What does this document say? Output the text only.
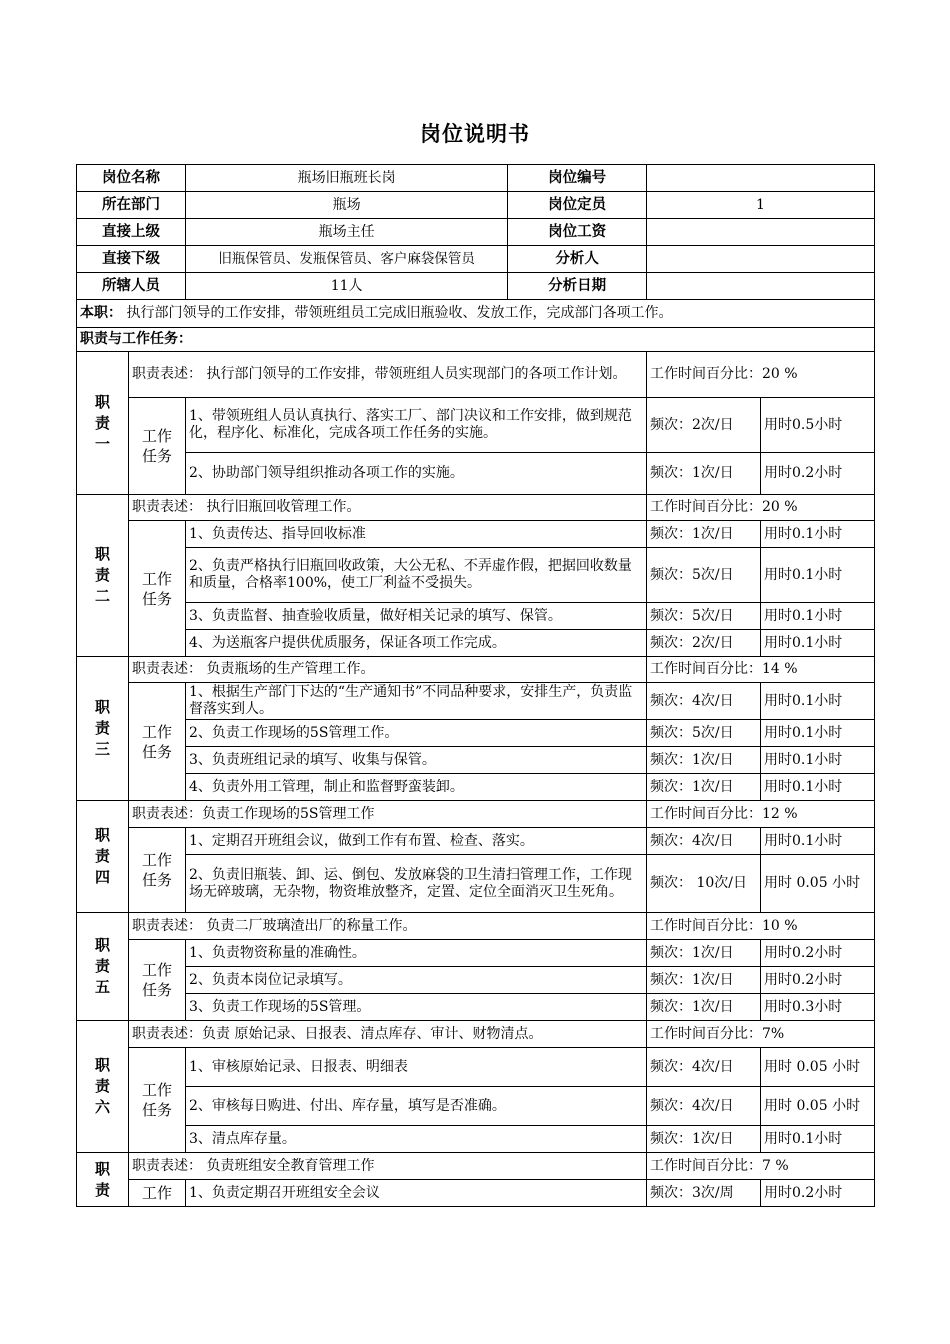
岗位说明书
岗位名称		瓶场旧瓶班长岗 岗位编号		

所在部门		瓶场 岗位定员	1	
直接上级		瓶场主任 岗位工资		

直接下级		旧瓶保管员、发瓶保管员、客户麻袋保管员 分析人		

所辖人员		11人 分析日期		

本职： 执行部门领导的工作安排，带领班组员工完成旧瓶验收、发放工作，完成部门各项工作。				
职责与工作任务：				
职责一	职责表述： 执行部门领导的工作安排，带领班组人员实现部门的各项工作计划。		工作时间百分比：20 %	
	工作任务	1、带领班组人员认真执行、落实工厂、部门决议和工作安排，做到规范化，程序化、标准化，完成各项工作任务的实施。	频次：2次/日	用时0.5小时
		2、协助部门领导组织推动各项工作的实施。	频次：1次/日	用时0.2小时
职责二	职责表述： 执行旧瓶回收管理工作。		工作时间百分比：20 %	
	工作任务	1、负责传达、指导回收标准	频次：1次/日	用时0.1小时
		2、负责严格执行旧瓶回收政策，大公无私、不弄虚作假，把据回收数量和质量，合格率100%，使工厂利益不受损失。	频次：5次/日	用时0.1小时
		3、负责监督、抽查验收质量，做好相关记录的填写、保管。	频次：5次/日	用时0.1小时
		4、为送瓶客户提供优质服务，保证各项工作完成。	频次：2次/日	用时0.1小时
职责三	职责表述： 负责瓶场的生产管理工作。		工作时间百分比：14 %	
	工作任务	1、根据生产部门下达的“生产通知书”不同品种要求，安排生产，负责监督落实到人。	频次：4次/日	用时0.1小时
		2、负责工作现场的5S管理工作。	频次：5次/日	用时0.1小时
		3、负责班组记录的填写、收集与保管。	频次：1次/日	用时0.1小时
		4、负责外用工管理，制止和监督野蛮装卸。	频次：1次/日	用时0.1小时
职责四	职责表述：负责工作现场的5S管理工作		工作时间百分比：12 %	
	工作任务	1、定期召开班组会议，做到工作有布置、检查、落实。	频次：4次/日	用时0.1小时
		2、负责旧瓶装、卸、运、倒包、发放麻袋的卫生清扫管理工作，工作现场无碎玻璃，无杂物，物资堆放整齐，定置、定位全面消灭卫生死角。	频次： 10次/日	用时 0.05 小时
职责五	职责表述： 负责二厂玻璃渣出厂的称量工作。		工作时间百分比：10 %	
	工作任务	1、负责物资称量的准确性。	频次：1次/日	用时0.2小时
		2、负责本岗位记录填写。	频次：1次/日	用时0.2小时
		3、负责工作现场的5S管理。	频次：1次/日	用时0.3小时
职责六	职责表述：负责 原始记录、日报表、清点库存、审计、财物清点。		工作时间百分比：7%	
	工作任务	1、审核原始记录、日报表、明细表	频次：4次/日	用时 0.05 小时
		2、审核每日购进、付出、库存量，填写是否准确。	频次：4次/日	用时 0.05 小时
		3、清点库存量。	频次：1次/日	用时0.1小时
职责	职责表述： 负责班组安全教育管理工作		工作时间百分比：7 %	
	工作	1、负责定期召开班组安全会议	频次：3次/周	用时0.2小时
